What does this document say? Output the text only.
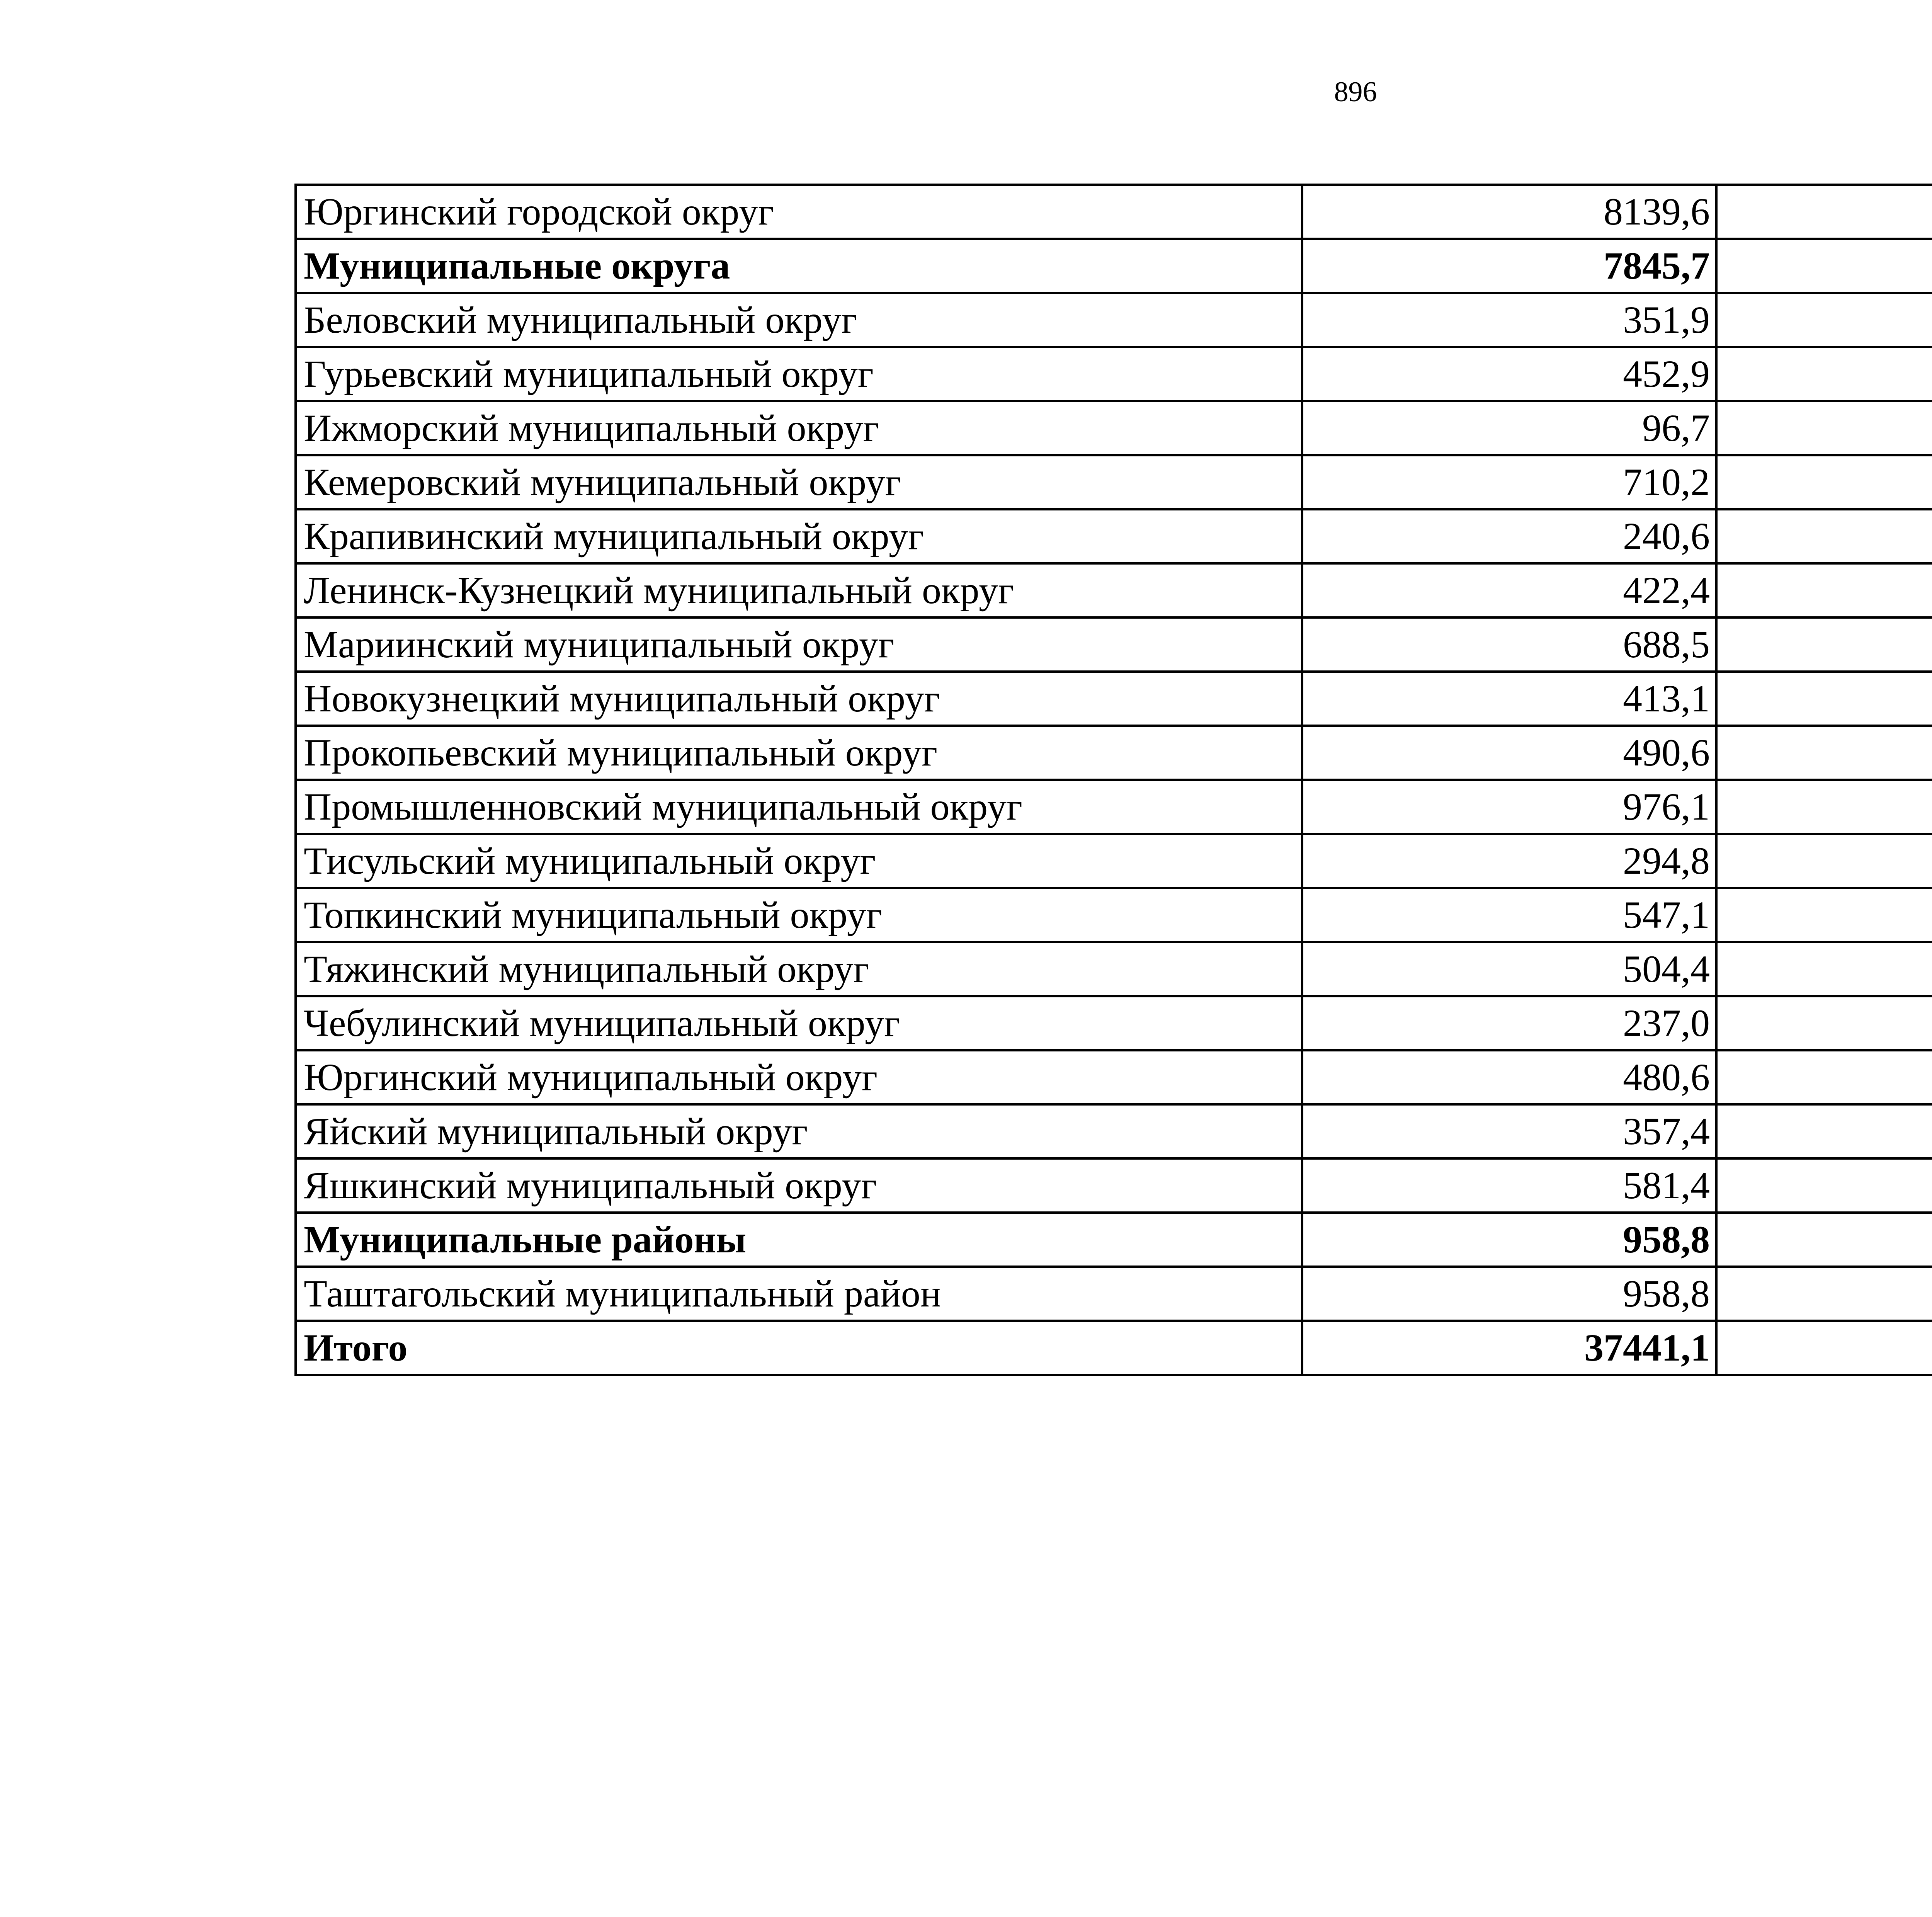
896
Юргинский городской округ	8139,6		
Муниципальные округа	7845,7		
Беловский муниципальный округ	351,9		
Гурьевский муниципальный округ	452,9		
Ижморский муниципальный округ	96,7		
Кемеровский муниципальный округ	710,2		
Крапивинский муниципальный округ	240,6		
Ленинск-Кузнецкий муниципальный округ	422,4		
Мариинский муниципальный округ	688,5		
Новокузнецкий муниципальный округ	413,1		
Прокопьевский муниципальный округ	490,6		
Промышленновский муниципальный округ	976,1		
Тисульский муниципальный округ	294,8		
Топкинский муниципальный округ	547,1		
Тяжинский муниципальный округ	504,4		
Чебулинский муниципальный округ	237,0		
Юргинский муниципальный округ	480,6		
Яйский муниципальный округ	357,4		
Яшкинский муниципальный округ	581,4		
Муниципальные районы	958,8		
Таштагольский муниципальный район	958,8		
Итого	37441,1		
